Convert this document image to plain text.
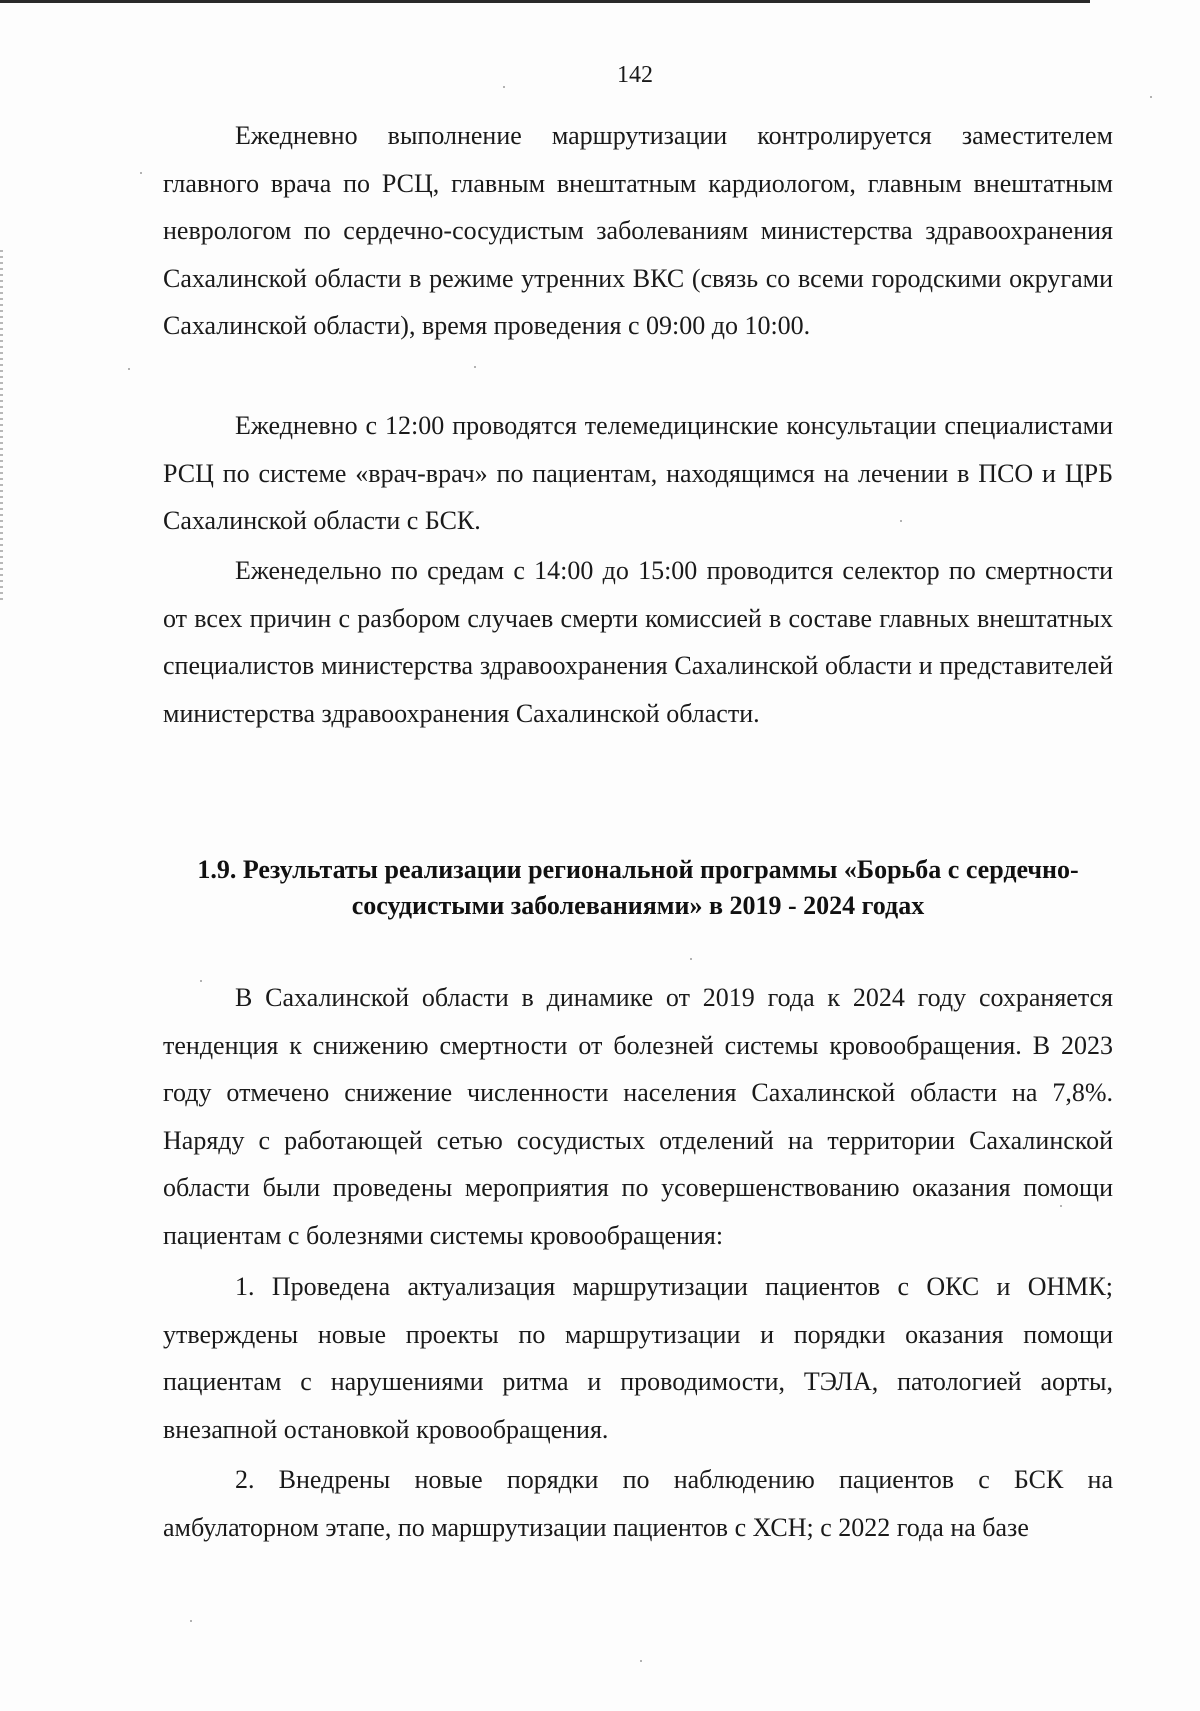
142

Ежедневно выполнение маршрутизации контролируется заместителем главного врача по РСЦ, главным внештатным кардиологом, главным внештатным неврологом по сердечно-сосудистым заболеваниям министерства здравоохранения Сахалинской области в режиме утренних ВКС (связь со всеми городскими округами Сахалинской области), время проведения с 09:00 до 10:00.

Ежедневно с 12:00 проводятся телемедицинские консультации специалистами РСЦ по системе «врач-врач» по пациентам, находящимся на лечении в ПСО и ЦРБ Сахалинской области с БСК.

Еженедельно по средам с 14:00 до 15:00 проводится селектор по смертности от всех причин с разбором случаев смерти комиссией в составе главных внештатных специалистов министерства здравоохранения Сахалинской области и представителей министерства здравоохранения Сахалинской области.

1.9. Результаты реализации региональной программы «Борьба с сердечно-сосудистыми заболеваниями» в 2019 - 2024 годах

В Сахалинской области в динамике от 2019 года к 2024 году сохраняется тенденция к снижению смертности от болезней системы кровообращения. В 2023 году отмечено снижение численности населения Сахалинской области на 7,8%. Наряду с работающей сетью сосудистых отделений на территории Сахалинской области были проведены мероприятия по усовершенствованию оказания помощи пациентам с болезнями системы кровообращения:

1. Проведена актуализация маршрутизации пациентов с ОКС и ОНМК; утверждены новые проекты по маршрутизации и порядки оказания помощи пациентам с нарушениями ритма и проводимости, ТЭЛА, патологией аорты, внезапной остановкой кровообращения.

2. Внедрены новые порядки по наблюдению пациентов с БСК на амбулаторном этапе, по маршрутизации пациентов с ХСН; с 2022 года на базе
